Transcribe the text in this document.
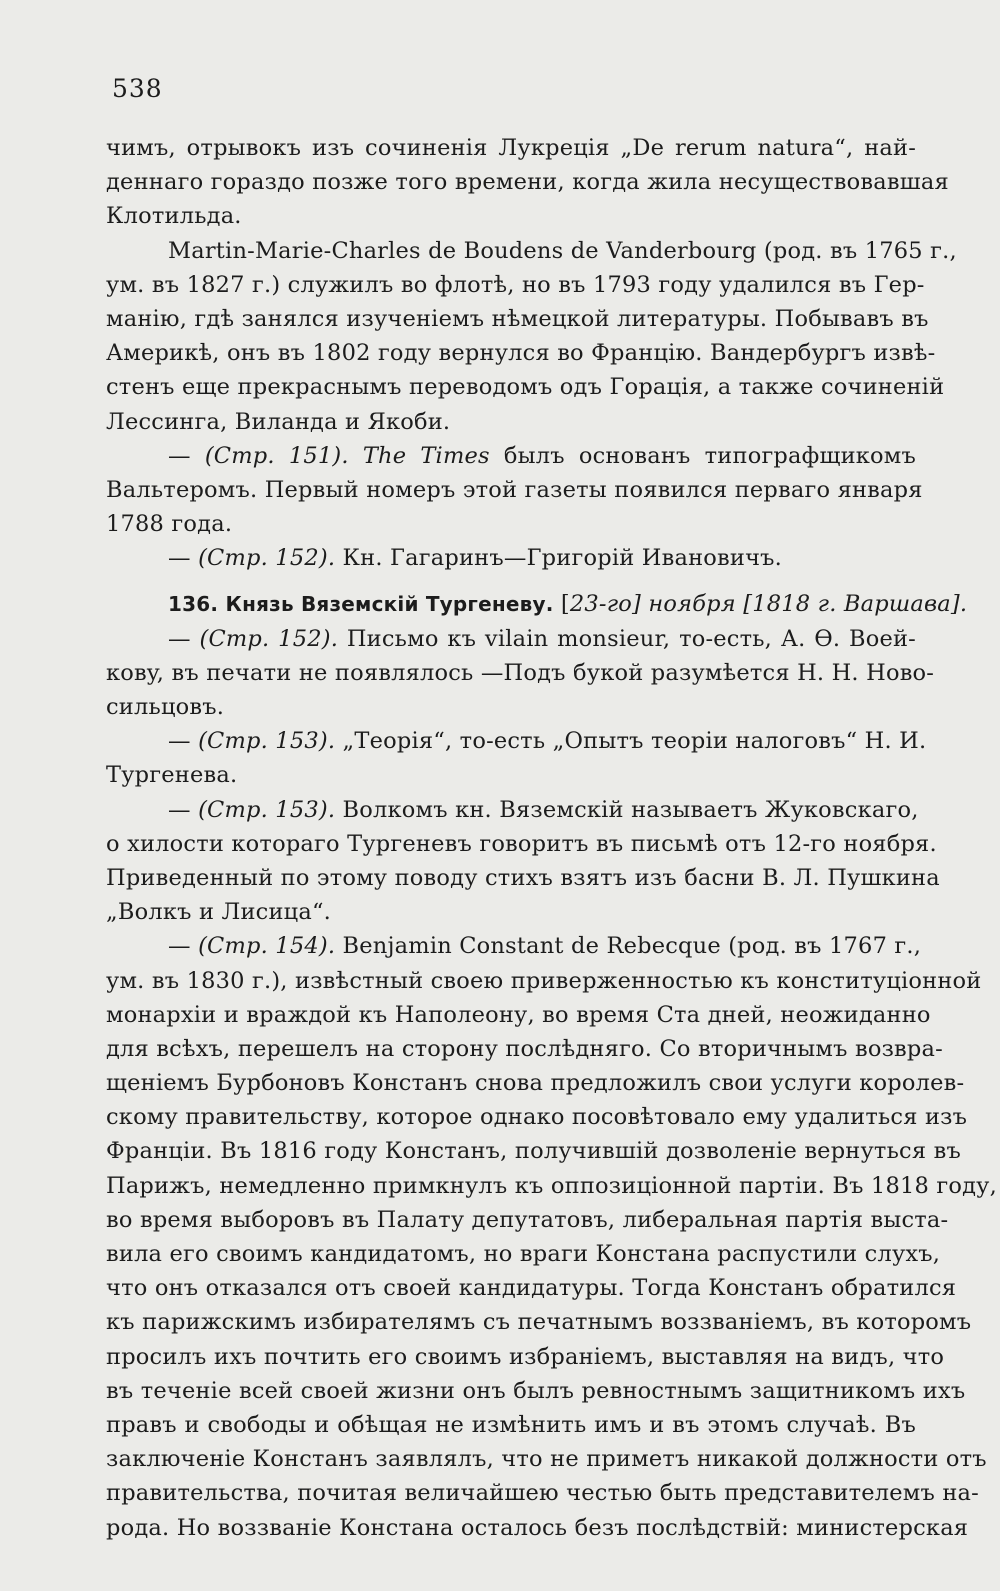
538
чимъ, отрывокъ изъ сочиненія Лукреція „De rerum natura“, най-
деннаго гораздо позже того времени, когда жила несуществовавшая
Клотильда.
Martin-Marie-Charles de Boudens de Vanderbourg (род. въ 1765 г.,
ум. въ 1827 г.) служилъ во флотѣ, но въ 1793 году удалился въ Гер-
манію, гдѣ занялся изученіемъ нѣмецкой литературы. Побывавъ въ
Америкѣ, онъ въ 1802 году вернулся во Францію. Вандербургъ извѣ-
стенъ еще прекраснымъ переводомъ одъ Горація, а также сочиненій
Лессинга, Виланда и Якоби.
— (Стр. 151). The Times былъ основанъ типографщикомъ
Вальтеромъ. Первый номеръ этой газеты появился перваго января
1788 года.
— (Стр. 152). Кн. Гагаринъ—Григорій Ивановичъ.
136. Князь Вяземскій Тургеневу. [23-го] ноября [1818 г. Варшава].
— (Стр. 152). Письмо къ vilain monsieur, то-есть, А. Ѳ. Воей-
ковy, въ печати не появлялось —Подъ букой разумѣется Н. Н. Ново-
сильцовъ.
— (Стр. 153). „Теорія“, то-есть „Опытъ теоріи налоговъ“ Н. И.
Тургенева.
— (Стр. 153). Волкомъ кн. Вяземскій называетъ Жуковскаго,
о хилости котораго Тургеневъ говоритъ въ письмѣ отъ 12-го ноября.
Приведенный по этому поводу стихъ взятъ изъ басни В. Л. Пушкина
„Волкъ и Лисица“.
— (Стр. 154). Benjamin Constant de Rebecque (род. въ 1767 г.,
ум. въ 1830 г.), извѣстный своею приверженностью къ конституціонной
монархіи и враждой къ Наполеону, во время Ста дней, неожиданно
для всѣхъ, перешелъ на сторону послѣдняго. Со вторичнымъ возвра-
щеніемъ Бурбоновъ Констанъ снова предложилъ свои услуги королев-
скому правительству, которое однако посовѣтовало ему удалиться изъ
Франціи. Въ 1816 году Констанъ, получившій дозволеніе вернуться въ
Парижъ, немедленно примкнулъ къ оппозиціонной партіи. Въ 1818 году,
во время выборовъ въ Палату депутатовъ, либеральная партія выста-
вила его своимъ кандидатомъ, но враги Констана распустили слухъ,
что онъ отказался отъ своей кандидатуры. Тогда Констанъ обратился
къ парижскимъ избирателямъ съ печатнымъ воззваніемъ, въ которомъ
просилъ ихъ почтить его своимъ избраніемъ, выставляя на видъ, что
въ теченіе всей своей жизни онъ былъ ревностнымъ защитникомъ ихъ
правъ и свободы и обѣщая не измѣнить имъ и въ этомъ случаѣ. Въ
заключеніе Констанъ заявлялъ, что не приметъ никакой должности отъ
правительства, почитая величайшею честью быть представителемъ на-
рода. Но воззваніе Констана осталось безъ послѣдствій: министерская
